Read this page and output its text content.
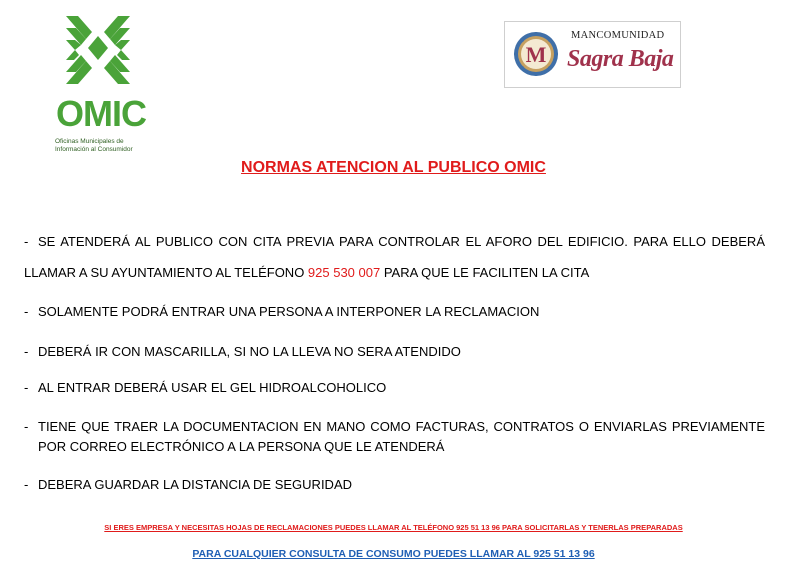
OMIC
Oficinas Municipales de
Información al Consumidor
M
MANCOMUNIDAD
Sagra Baja
NORMAS ATENCION AL PUBLICO OMIC
- SE ATENDERÁ AL PUBLICO CON CITA PREVIA PARA CONTROLAR EL AFORO DEL EDIFICIO. PARA ELLO DEBERÁ
LLAMAR A SU AYUNTAMIENTO AL TELÉFONO 925 530 007 PARA QUE LE FACILITEN LA CITA
- SOLAMENTE PODRÁ ENTRAR UNA PERSONA A INTERPONER LA RECLAMACION
- DEBERÁ IR CON MASCARILLA, SI NO LA LLEVA NO SERA ATENDIDO
- AL ENTRAR DEBERÁ USAR EL GEL HIDROALCOHOLICO
- TIENE QUE TRAER LA DOCUMENTACION EN MANO COMO FACTURAS, CONTRATOS O ENVIARLAS PREVIAMENTE
POR CORREO ELECTRÓNICO A LA PERSONA QUE LE ATENDERÁ
- DEBERA GUARDAR LA DISTANCIA DE SEGURIDAD
SI ERES EMPRESA Y NECESITAS HOJAS DE RECLAMACIONES PUEDES LLAMAR AL TELÉFONO 925 51 13 96 PARA SOLICITARLAS Y TENERLAS PREPARADAS
PARA CUALQUIER CONSULTA DE CONSUMO PUEDES LLAMAR AL 925 51 13 96
